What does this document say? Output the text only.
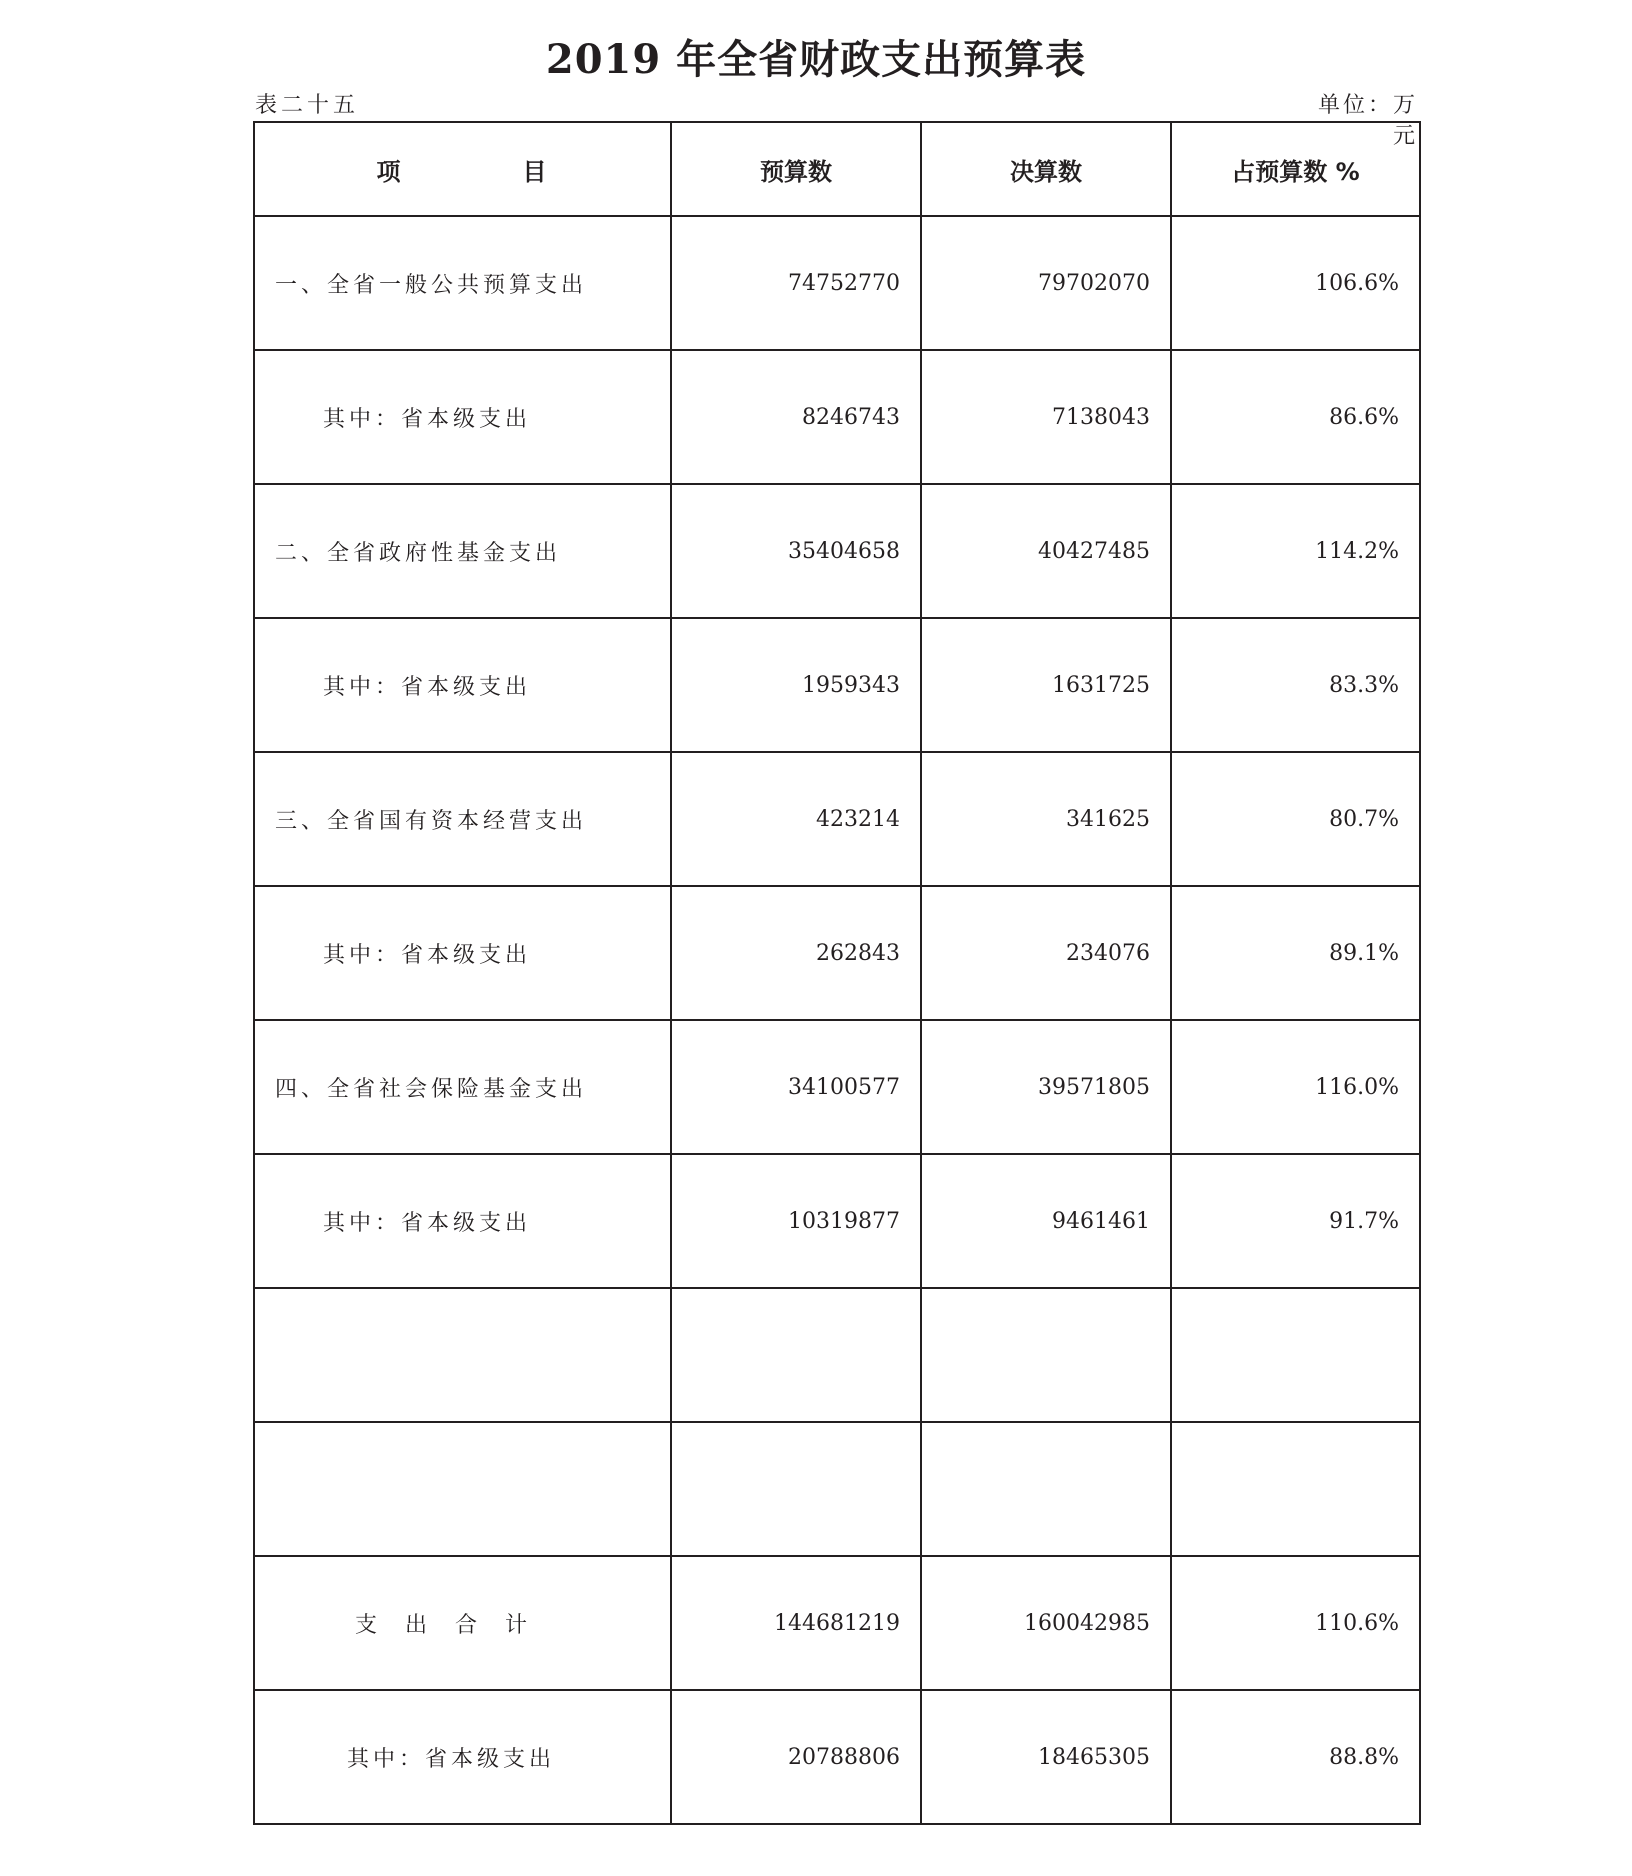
2019 年全省财政支出预算表
表二十五	单位：万元
项 目	预算数	决算数	占预算数 %
一、全省一般公共预算支出	74752770	79702070	106.6%
其中：省本级支出	8246743	7138043	86.6%
二、全省政府性基金支出	35404658	40427485	114.2%
其中：省本级支出	1959343	1631725	83.3%
三、全省国有资本经营支出	423214	341625	80.7%
其中：省本级支出	262843	234076	89.1%
四、全省社会保险基金支出	34100577	39571805	116.0%
其中：省本级支出	10319877	9461461	91.7%

支出合计	144681219	160042985	110.6%
其中：省本级支出	20788806	18465305	88.8%
